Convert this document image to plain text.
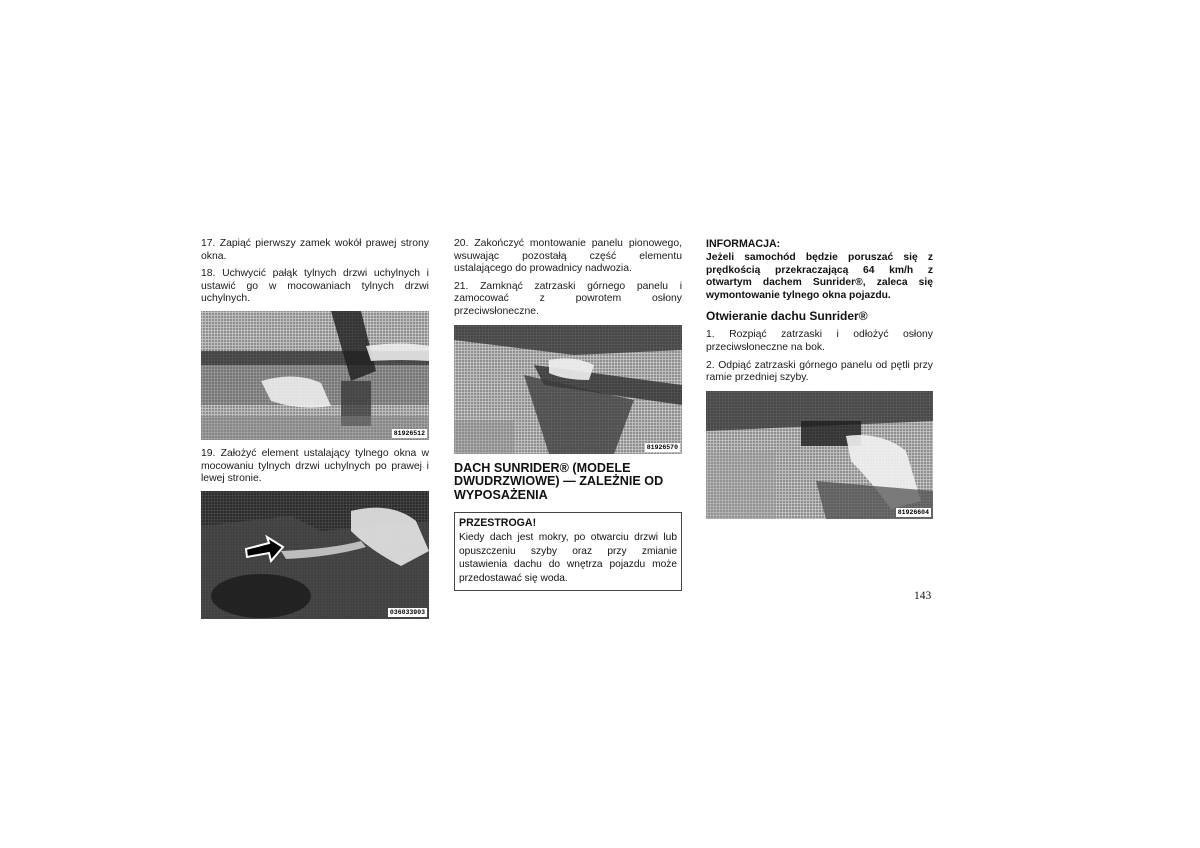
17. Zapiąć pierwszy zamek wokół prawej strony okna.

18. Uchwycić pałąk tylnych drzwi uchylnych i ustawić go w mocowaniach tylnych drzwi uchylnych.

81926512

19. Założyć element ustalający tylnego okna w mocowaniu tylnych drzwi uchylnych po prawej i lewej stronie.

036033903

20. Zakończyć montowanie panelu pionowego, wsuwając pozostałą część elementu ustalającego do prowadnicy nadwozia.

21. Zamknąć zatrzaski górnego panelu i zamocować z powrotem osłony przeciwsłoneczne.

81926570
DACH SUNRIDER® (MODELE DWUDRZWIOWE) — ZALEŻNIE OD WYPOSAŻENIA
PRZESTROGA!
Kiedy dach jest mokry, po otwarciu drzwi lub opuszczeniu szyby oraz przy zmianie ustawienia dachu do wnętrza pojazdu może przedostawać się woda.
INFORMACJA:
Jeżeli samochód będzie poruszać się z prędkością przekraczającą 64 km/h z otwartym dachem Sunrider®, zaleca się wymontowanie tylnego okna pojazdu.
Otwieranie dachu Sunrider®

1. Rozpiąć zatrzaski i odłożyć osłony przeciwsłoneczne na bok.

2. Odpiąć zatrzaski górnego panelu od pętli przy ramie przedniej szyby.

81926604
143
